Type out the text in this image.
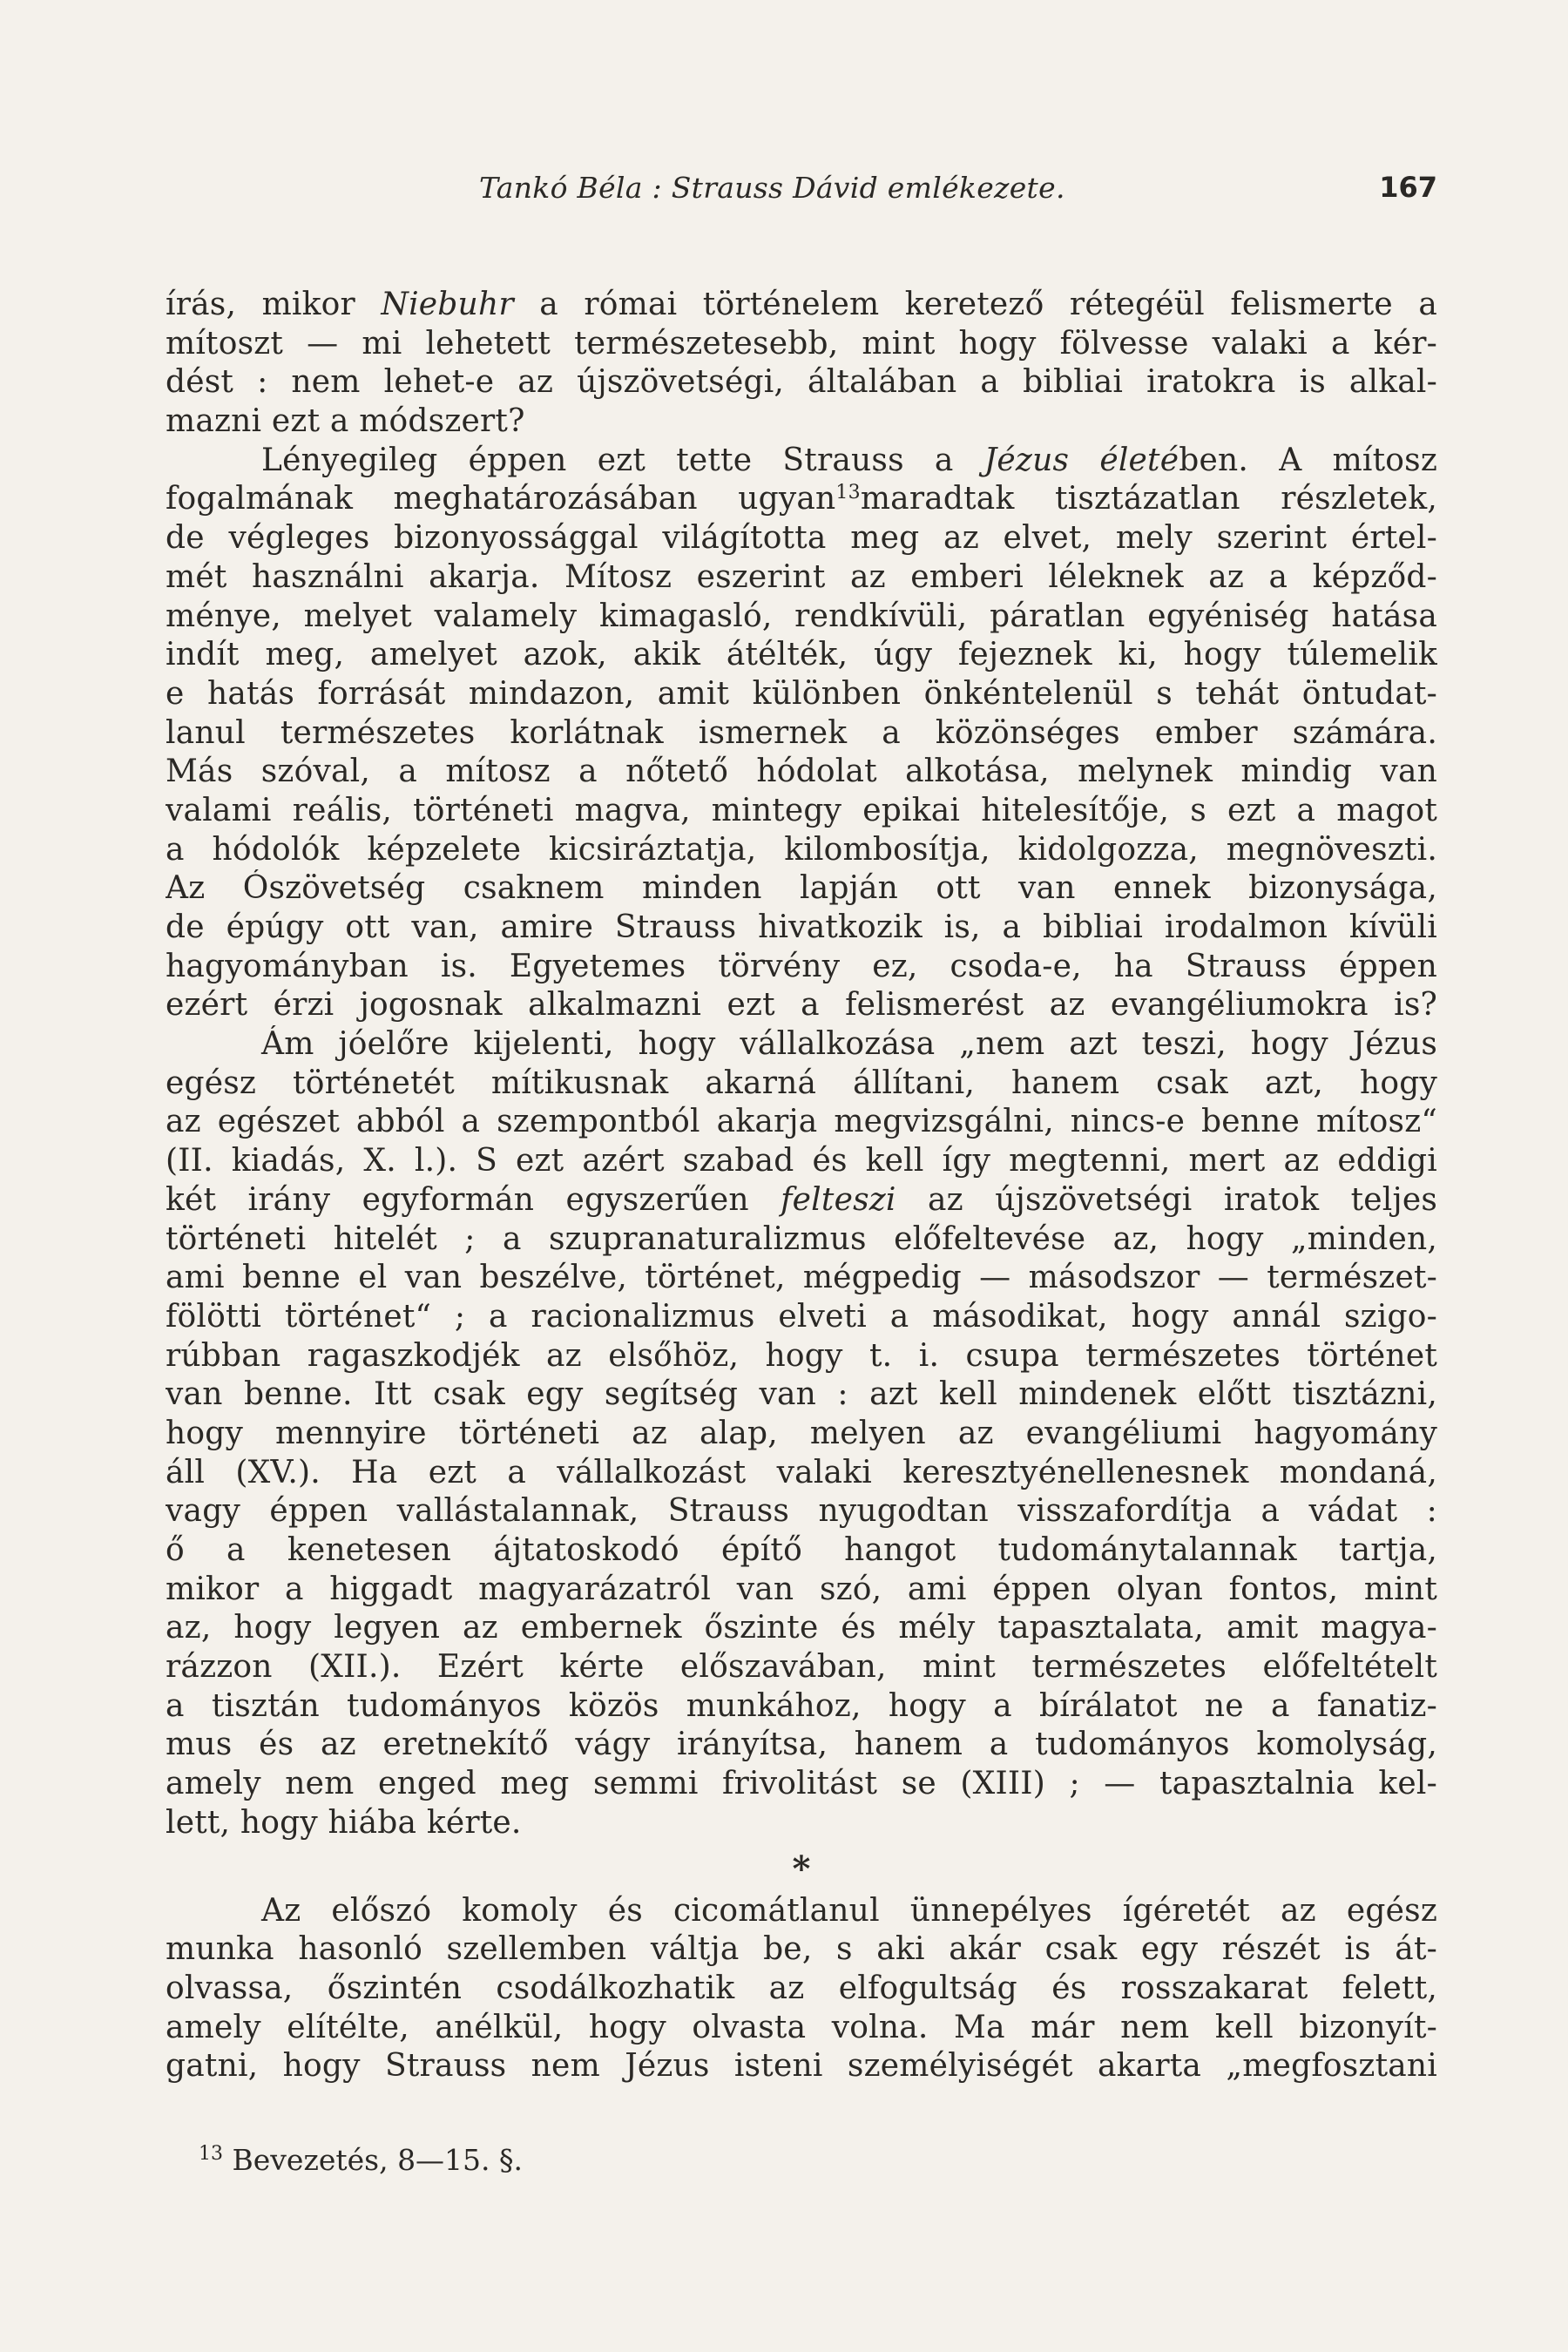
Tankó Béla : Strauss Dávid emlékezete.	167
írás, mikor Niebuhr a római történelem keretező rétegéül felismerte a
mítoszt — mi lehetett természetesebb, mint hogy fölvesse valaki a kér-
dést : nem lehet-e az újszövetségi, általában a bibliai iratokra is alkal-
mazni ezt a módszert?
Lényegileg éppen ezt tette Strauss a Jézus életében. A mítosz
fogalmának meghatározásában ugyan$^{13}$maradtak tisztázatlan részletek,
de végleges bizonyossággal világította meg az elvet, mely szerint értel-
mét használni akarja. Mítosz eszerint az emberi léleknek az a képződ-
ménye, melyet valamely kimagasló, rendkívüli, páratlan egyéniség hatása
indít meg, amelyet azok, akik átélték, úgy fejeznek ki, hogy túlemelik
e hatás forrását mindazon, amit különben önkéntelenül s tehát öntudat-
lanul természetes korlátnak ismernek a közönséges ember számára.
Más szóval, a mítosz a nőtető hódolat alkotása, melynek mindig van
valami reális, történeti magva, mintegy epikai hitelesítője, s ezt a magot
a hódolók képzelete kicsiráztatja, kilombosítja, kidolgozza, megnöveszti.
Az Ószövetség csaknem minden lapján ott van ennek bizonysága,
de épúgy ott van, amire Strauss hivatkozik is, a bibliai irodalmon kívüli
hagyományban is. Egyetemes törvény ez, csoda-e, ha Strauss éppen
ezért érzi jogosnak alkalmazni ezt a felismerést az evangéliumokra is?
Ám jóelőre kijelenti, hogy vállalkozása „nem azt teszi, hogy Jézus
egész történetét mítikusnak akarná állítani, hanem csak azt, hogy
az egészet abból a szempontból akarja megvizsgálni, nincs-e benne mítosz“
(II. kiadás, X. l.). S ezt azért szabad és kell így megtenni, mert az eddigi
két irány egyformán egyszerűen felteszi az újszövetségi iratok teljes
történeti hitelét ; a szupranaturalizmus előfeltevése az, hogy „minden,
ami benne el van beszélve, történet, mégpedig — másodszor — természet-
fölötti történet“ ; a racionalizmus elveti a másodikat, hogy annál szigo-
rúbban ragaszkodjék az elsőhöz, hogy t. i. csupa természetes történet
van benne. Itt csak egy segítség van : azt kell mindenek előtt tisztázni,
hogy mennyire történeti az alap, melyen az evangéliumi hagyomány
áll (XV.). Ha ezt a vállalkozást valaki keresztyénellenesnek mondaná,
vagy éppen vallástalannak, Strauss nyugodtan visszafordítja a vádat :
ő a kenetesen ájtatoskodó építő hangot tudománytalannak tartja,
mikor a higgadt magyarázatról van szó, ami éppen olyan fontos, mint
az, hogy legyen az embernek őszinte és mély tapasztalata, amit magya-
rázzon (XII.). Ezért kérte előszavában, mint természetes előfeltételt
a tisztán tudományos közös munkához, hogy a bírálatot ne a fanatiz-
mus és az eretnekítő vágy irányítsa, hanem a tudományos komolyság,
amely nem enged meg semmi frivolitást se (XIII) ; — tapasztalnia kel-
lett, hogy hiába kérte.
*
Az előszó komoly és cicomátlanul ünnepélyes ígéretét az egész
munka hasonló szellemben váltja be, s aki akár csak egy részét is át-
olvassa, őszintén csodálkozhatik az elfogultság és rosszakarat felett,
amely elítélte, anélkül, hogy olvasta volna. Ma már nem kell bizonyít-
gatni, hogy Strauss nem Jézus isteni személyiségét akarta „megfosztani
$^{13}$ Bevezetés, 8—15. §.
